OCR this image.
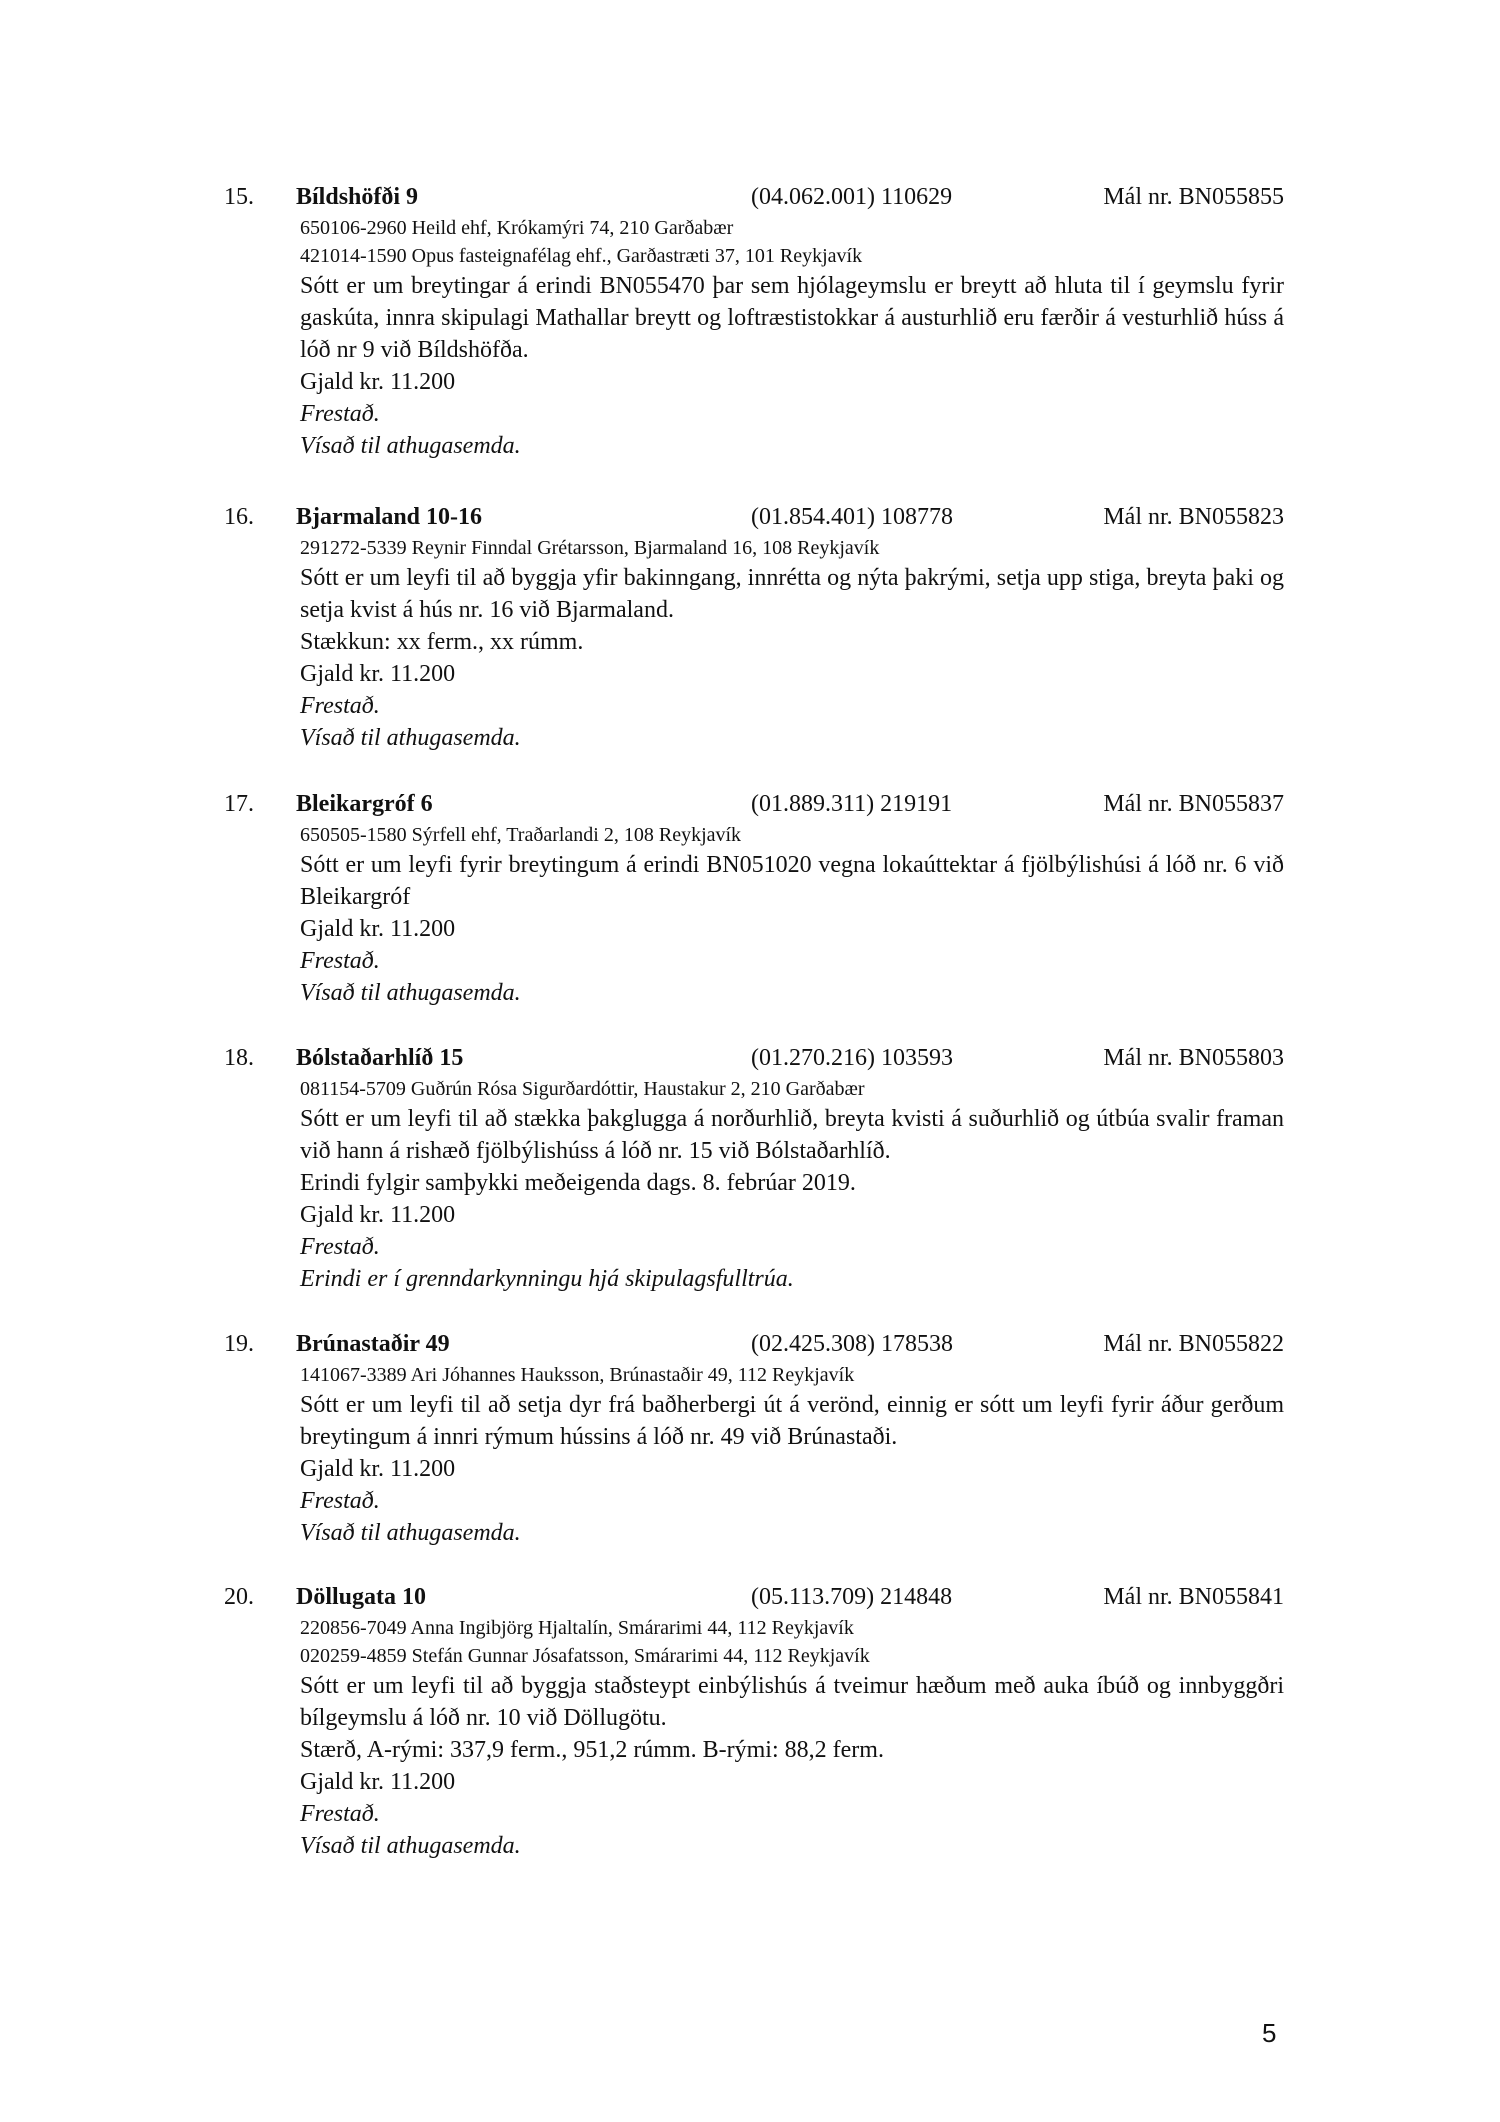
15. Bíldshöfði 9	(04.062.001) 110629	Mál nr. BN055855
650106-2960 Heild ehf, Krókamýri 74, 210 Garðabær
421014-1590 Opus fasteignafélag ehf., Garðastræti 37, 101 Reykjavík
Sótt er um breytingar á erindi BN055470 þar sem hjólageymslu er breytt að hluta til í geymslu fyrir gaskúta, innra skipulagi Mathallar breytt og loftræstistokkar á austurhlið eru færðir á vesturhlið húss á lóð nr 9 við Bíldshöfða.
Gjald kr. 11.200
Frestað.
Vísað til athugasemda.
16. Bjarmaland 10-16	(01.854.401) 108778	Mál nr. BN055823
291272-5339 Reynir Finndal Grétarsson, Bjarmaland 16, 108 Reykjavík
Sótt er um leyfi til að byggja yfir bakinngang, innrétta og nýta þakrými, setja upp stiga, breyta þaki og setja kvist á hús nr. 16 við Bjarmaland.
Stækkun: xx ferm., xx rúmm.
Gjald kr. 11.200
Frestað.
Vísað til athugasemda.
17. Bleikargróf 6	(01.889.311) 219191	Mál nr. BN055837
650505-1580 Sýrfell ehf, Traðarlandi 2, 108 Reykjavík
Sótt er um leyfi fyrir breytingum á erindi BN051020 vegna lokaúttektar á fjölbýlishúsi á lóð nr. 6 við Bleikargróf
Gjald kr. 11.200
Frestað.
Vísað til athugasemda.
18. Bólstaðarhlíð 15	(01.270.216) 103593	Mál nr. BN055803
081154-5709 Guðrún Rósa Sigurðardóttir, Haustakur 2, 210 Garðabær
Sótt er um leyfi til að stækka þakglugga á norðurhlið, breyta kvisti á suðurhlið og útbúa svalir framan við hann á rishæð fjölbýlishúss á lóð nr. 15 við Bólstaðarhlíð.
Erindi fylgir samþykki meðeigenda dags. 8. febrúar 2019.
Gjald kr. 11.200
Frestað.
Erindi er í grenndarkynningu hjá skipulagsfulltrúa.
19. Brúnastaðir 49	(02.425.308) 178538	Mál nr. BN055822
141067-3389 Ari Jóhannes Hauksson, Brúnastaðir 49, 112 Reykjavík
Sótt er um leyfi til að setja dyr frá baðherbergi út á verönd, einnig er sótt um leyfi fyrir áður gerðum breytingum á innri rýmum hússins á lóð nr. 49 við Brúnastaði.
Gjald kr. 11.200
Frestað.
Vísað til athugasemda.
20. Döllugata 10	(05.113.709) 214848	Mál nr. BN055841
220856-7049 Anna Ingibjörg Hjaltalín, Smárarimi 44, 112 Reykjavík
020259-4859 Stefán Gunnar Jósafatsson, Smárarimi 44, 112 Reykjavík
Sótt er um leyfi til að byggja staðsteypt einbýlishús á tveimur hæðum með auka íbúð og innbyggðri bílgeymslu á lóð nr. 10 við Döllugötu.
Stærð, A-rými: 337,9 ferm., 951,2 rúmm. B-rými: 88,2 ferm.
Gjald kr. 11.200
Frestað.
Vísað til athugasemda.
5
